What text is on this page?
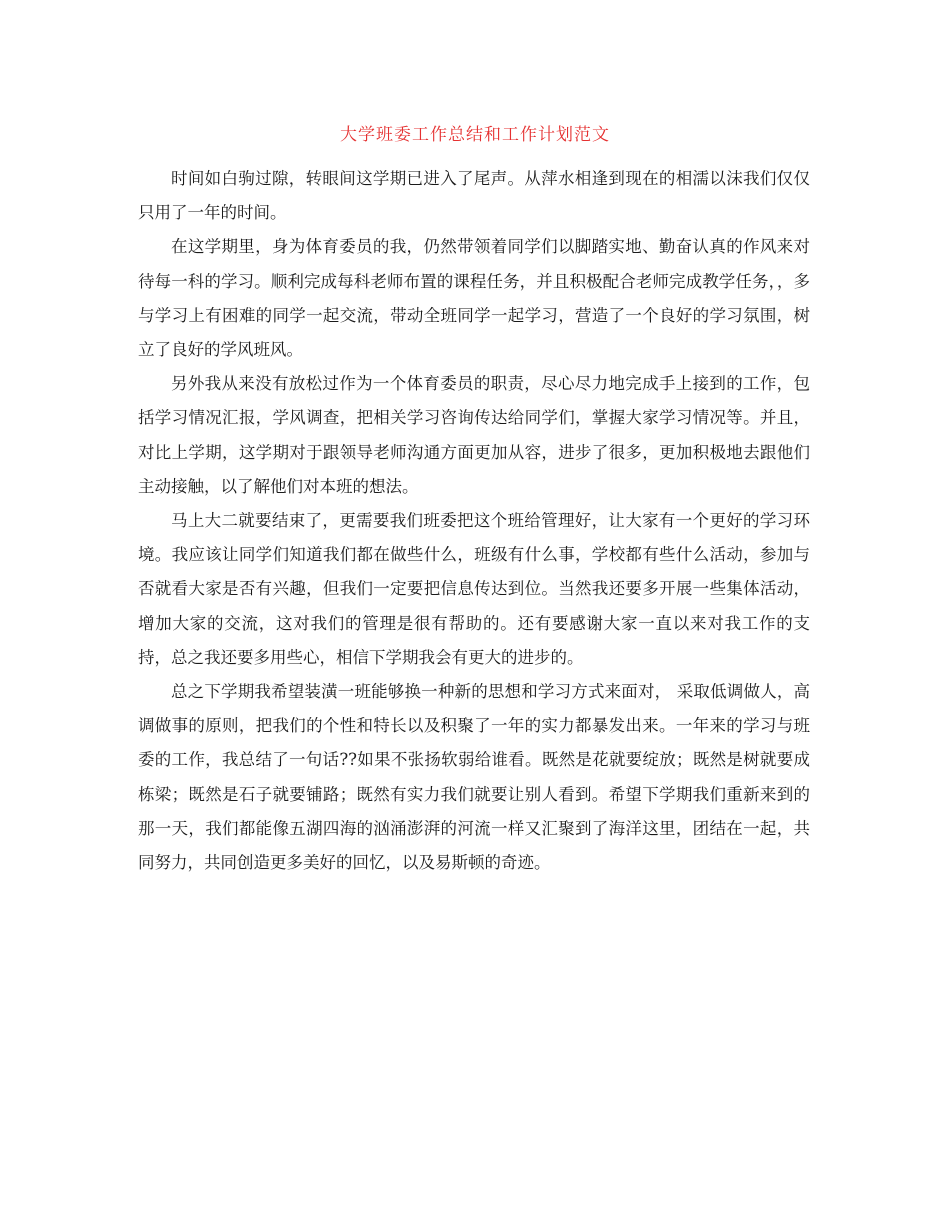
大学班委工作总结和工作计划范文

时间如白驹过隙，转眼间这学期已进入了尾声。从萍水相逢到现在的相濡以沫我们仅仅只用了一年的时间。

在这学期里，身为体育委员的我，仍然带领着同学们以脚踏实地、勤奋认真的作风来对待每一科的学习。顺利完成每科老师布置的课程任务，并且积极配合老师完成教学任务，，多与学习上有困难的同学一起交流，带动全班同学一起学习，营造了一个良好的学习氛围，树立了良好的学风班风。

另外我从来没有放松过作为一个体育委员的职责，尽心尽力地完成手上接到的工作，包括学习情况汇报，学风调查，把相关学习咨询传达给同学们，掌握大家学习情况等。并且，对比上学期，这学期对于跟领导老师沟通方面更加从容，进步了很多，更加积极地去跟他们主动接触，以了解他们对本班的想法。

马上大二就要结束了，更需要我们班委把这个班给管理好，让大家有一个更好的学习环境。我应该让同学们知道我们都在做些什么，班级有什么事，学校都有些什么活动，参加与否就看大家是否有兴趣，但我们一定要把信息传达到位。当然我还要多开展一些集体活动，增加大家的交流，这对我们的管理是很有帮助的。还有要感谢大家一直以来对我工作的支持，总之我还要多用些心，相信下学期我会有更大的进步的。

总之下学期我希望装潢一班能够换一种新的思想和学习方式来面对， 采取低调做人，高调做事的原则，把我们的个性和特长以及积聚了一年的实力都暴发出来。一年来的学习与班委的工作，我总结了一句话??如果不张扬软弱给谁看。既然是花就要绽放；既然是树就要成栋梁；既然是石子就要铺路；既然有实力我们就要让别人看到。希望下学期我们重新来到的那一天，我们都能像五湖四海的汹涌澎湃的河流一样又汇聚到了海洋这里，团结在一起，共同努力，共同创造更多美好的回忆，以及易斯顿的奇迹。
